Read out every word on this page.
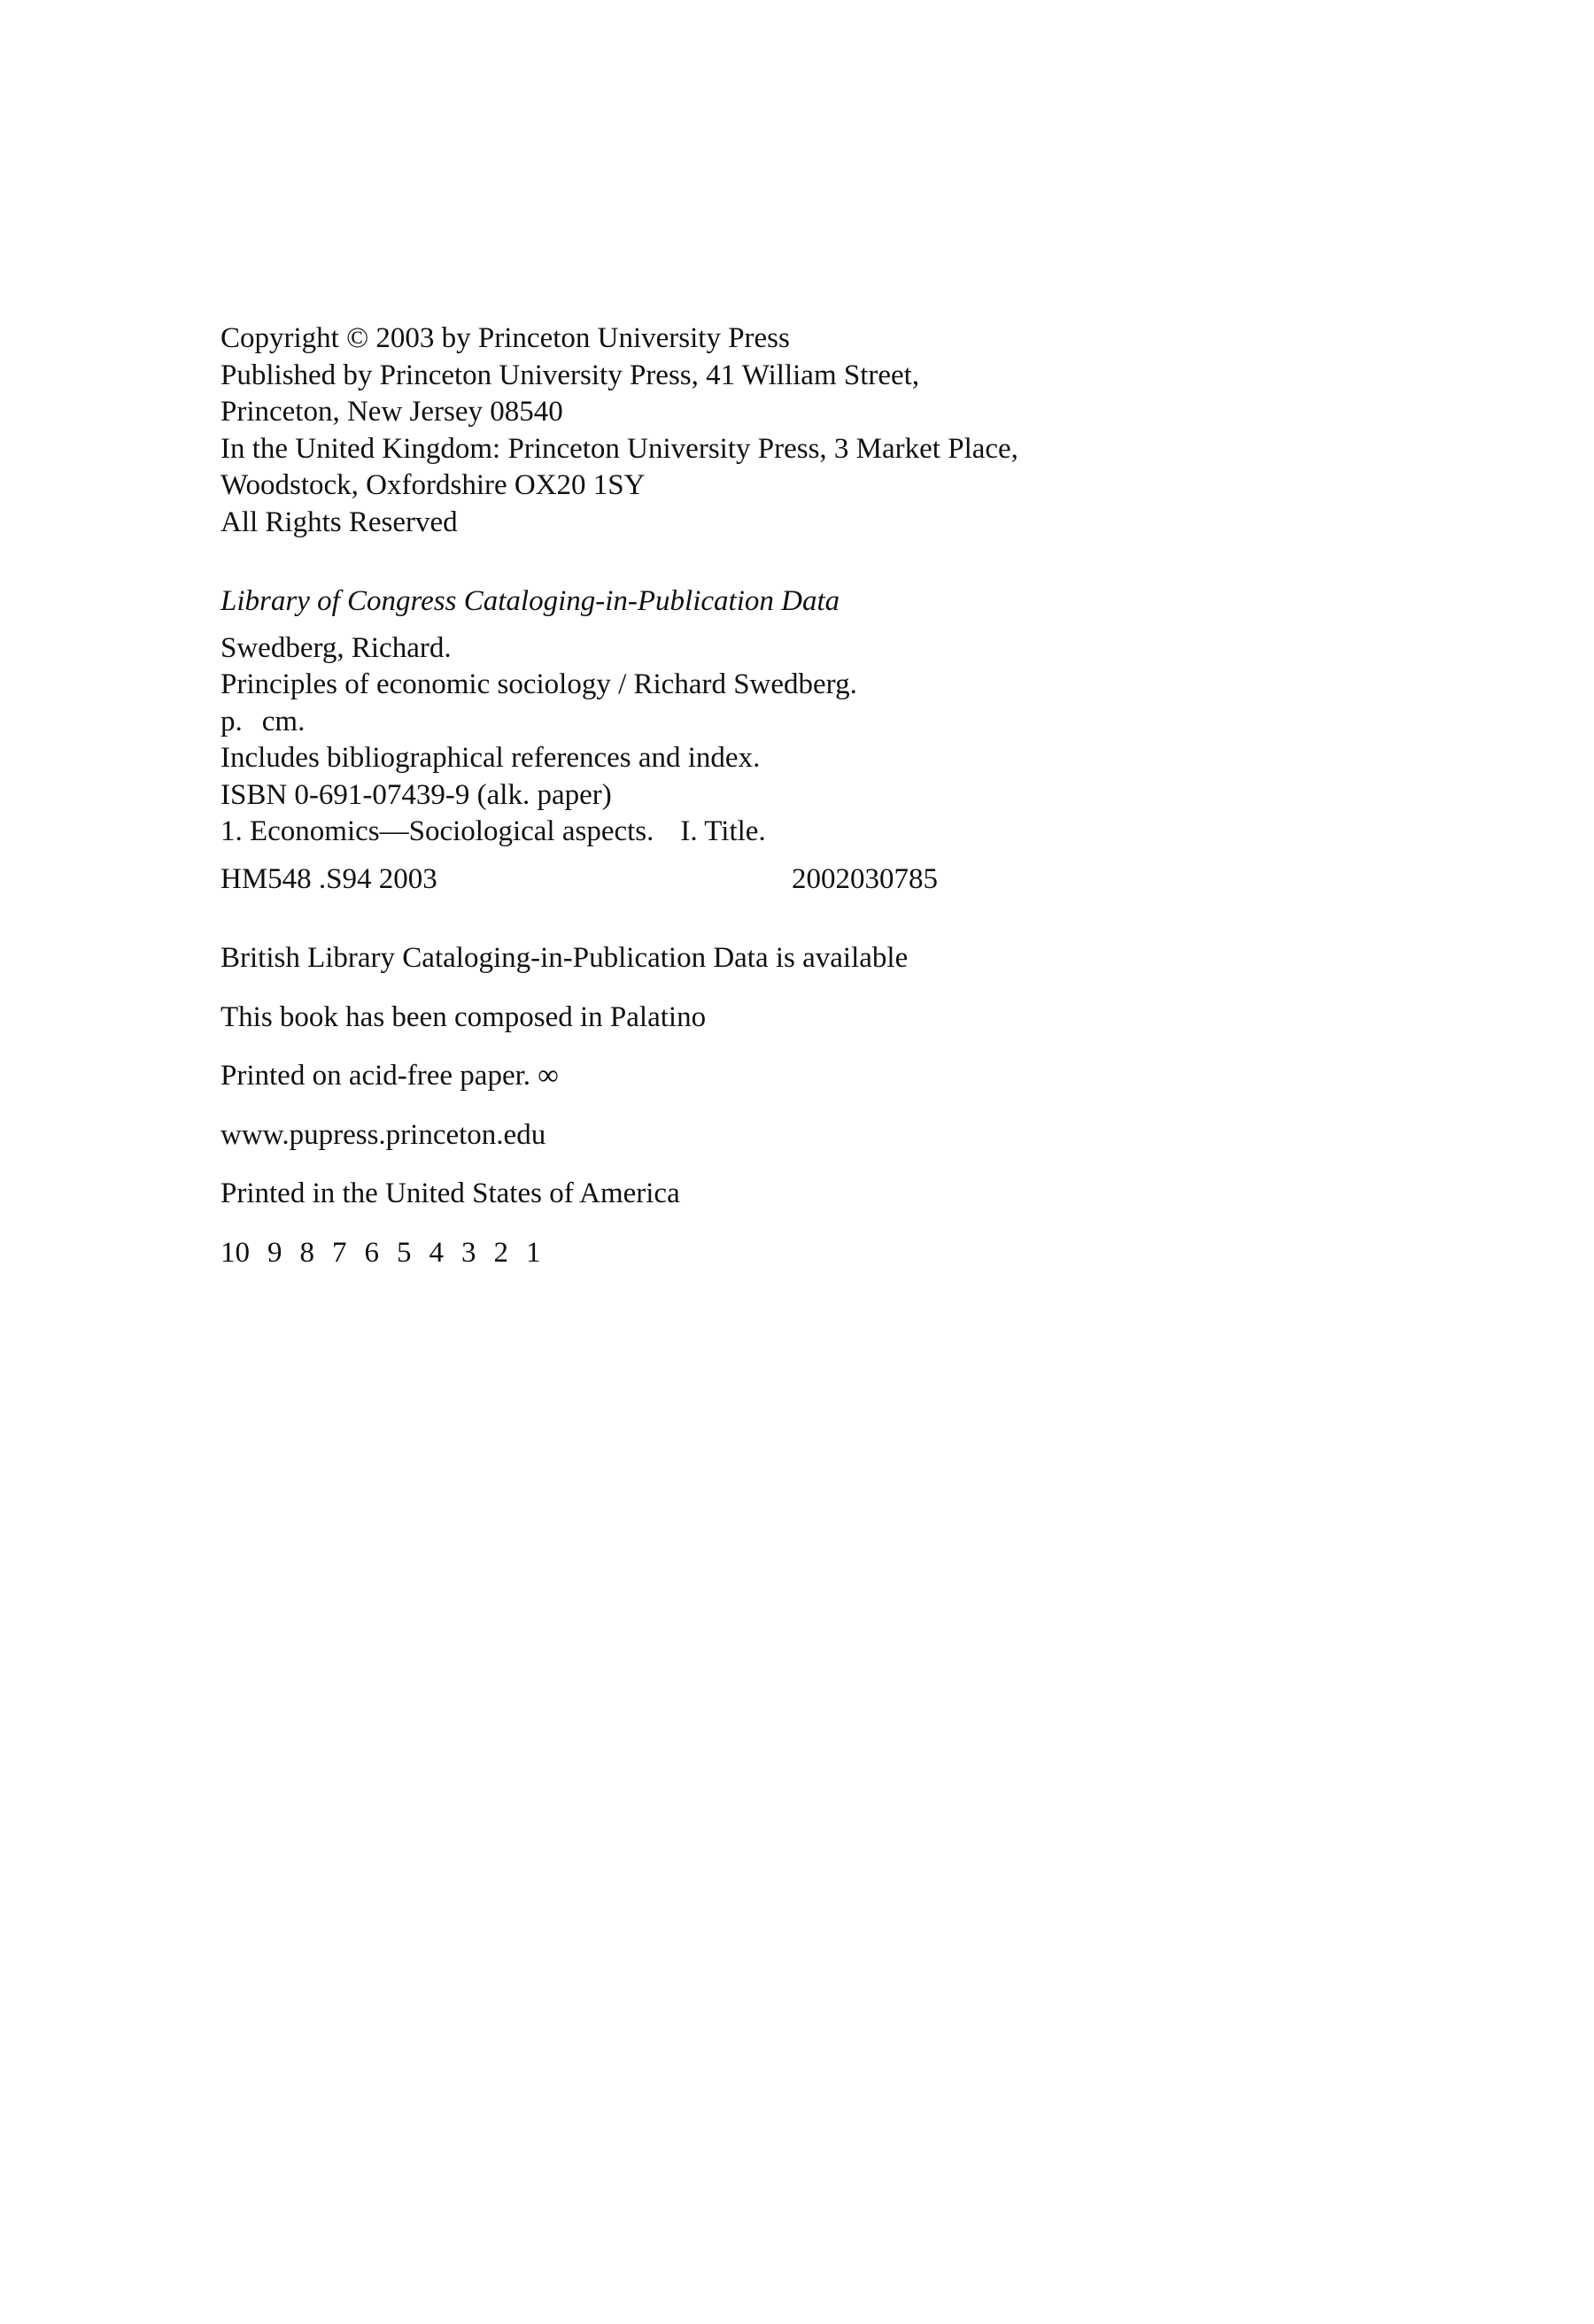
Copyright © 2003 by Princeton University Press
Published by Princeton University Press, 41 William Street,
Princeton, New Jersey 08540
In the United Kingdom: Princeton University Press, 3 Market Place,
Woodstock, Oxfordshire OX20 1SY
All Rights Reserved
Library of Congress Cataloging-in-Publication Data
Swedberg, Richard.
Principles of economic sociology / Richard Swedberg.
p. cm.
Includes bibliographical references and index.
ISBN 0-691-07439-9 (alk. paper)
1. Economics—Sociological aspects. I. Title.
HM548 .S94 2003	2002030785
British Library Cataloging-in-Publication Data is available
This book has been composed in Palatino
Printed on acid-free paper. ∞
www.pupress.princeton.edu
Printed in the United States of America
10 9 8 7 6 5 4 3 2 1
